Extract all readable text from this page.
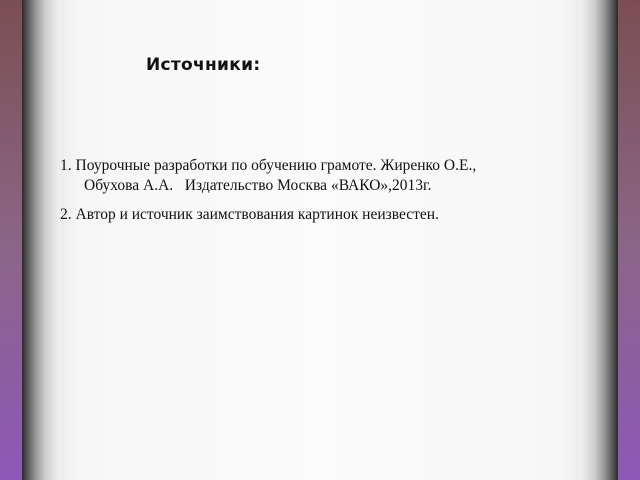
Источники:
1. Поурочные разработки по обучению грамоте. Жиренко О.Е.,
Обухова А.А.   Издательство Москва «ВАКО»,2013г.
2. Автор и источник заимствования картинок неизвестен.
